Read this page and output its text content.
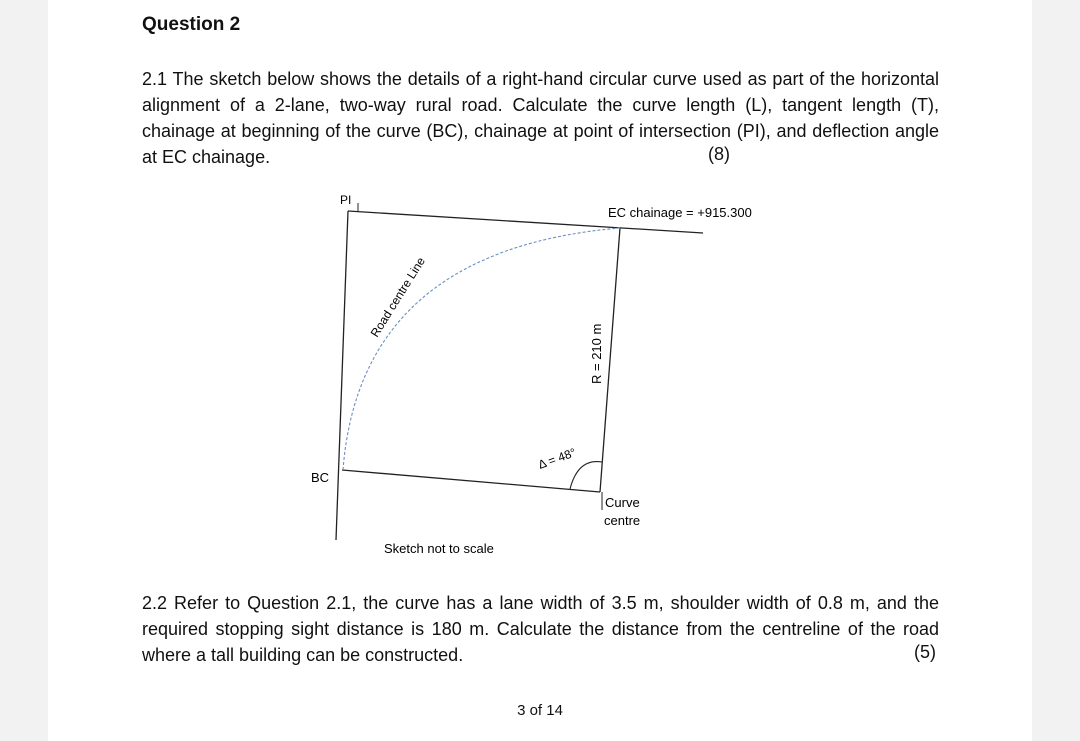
Question 2
2.1 The sketch below shows the details of a right-hand circular curve used as part of the horizontal alignment of a 2-lane, two-way rural road. Calculate the curve length (L), tangent length (T), chainage at beginning of the curve (BC), chainage at point of intersection (PI), and deflection angle at EC chainage.	(8)
PI
BC
EC chainage = +915.300
R = 210 m
Δ = 48°
Road centre Line
Curve
centre
Sketch not to scale
2.2 Refer to Question 2.1, the curve has a lane width of 3.5 m, shoulder width of 0.8 m, and the required stopping sight distance is 180 m. Calculate the distance from the centreline of the road where a tall building can be constructed.	(5)
3 of 14
